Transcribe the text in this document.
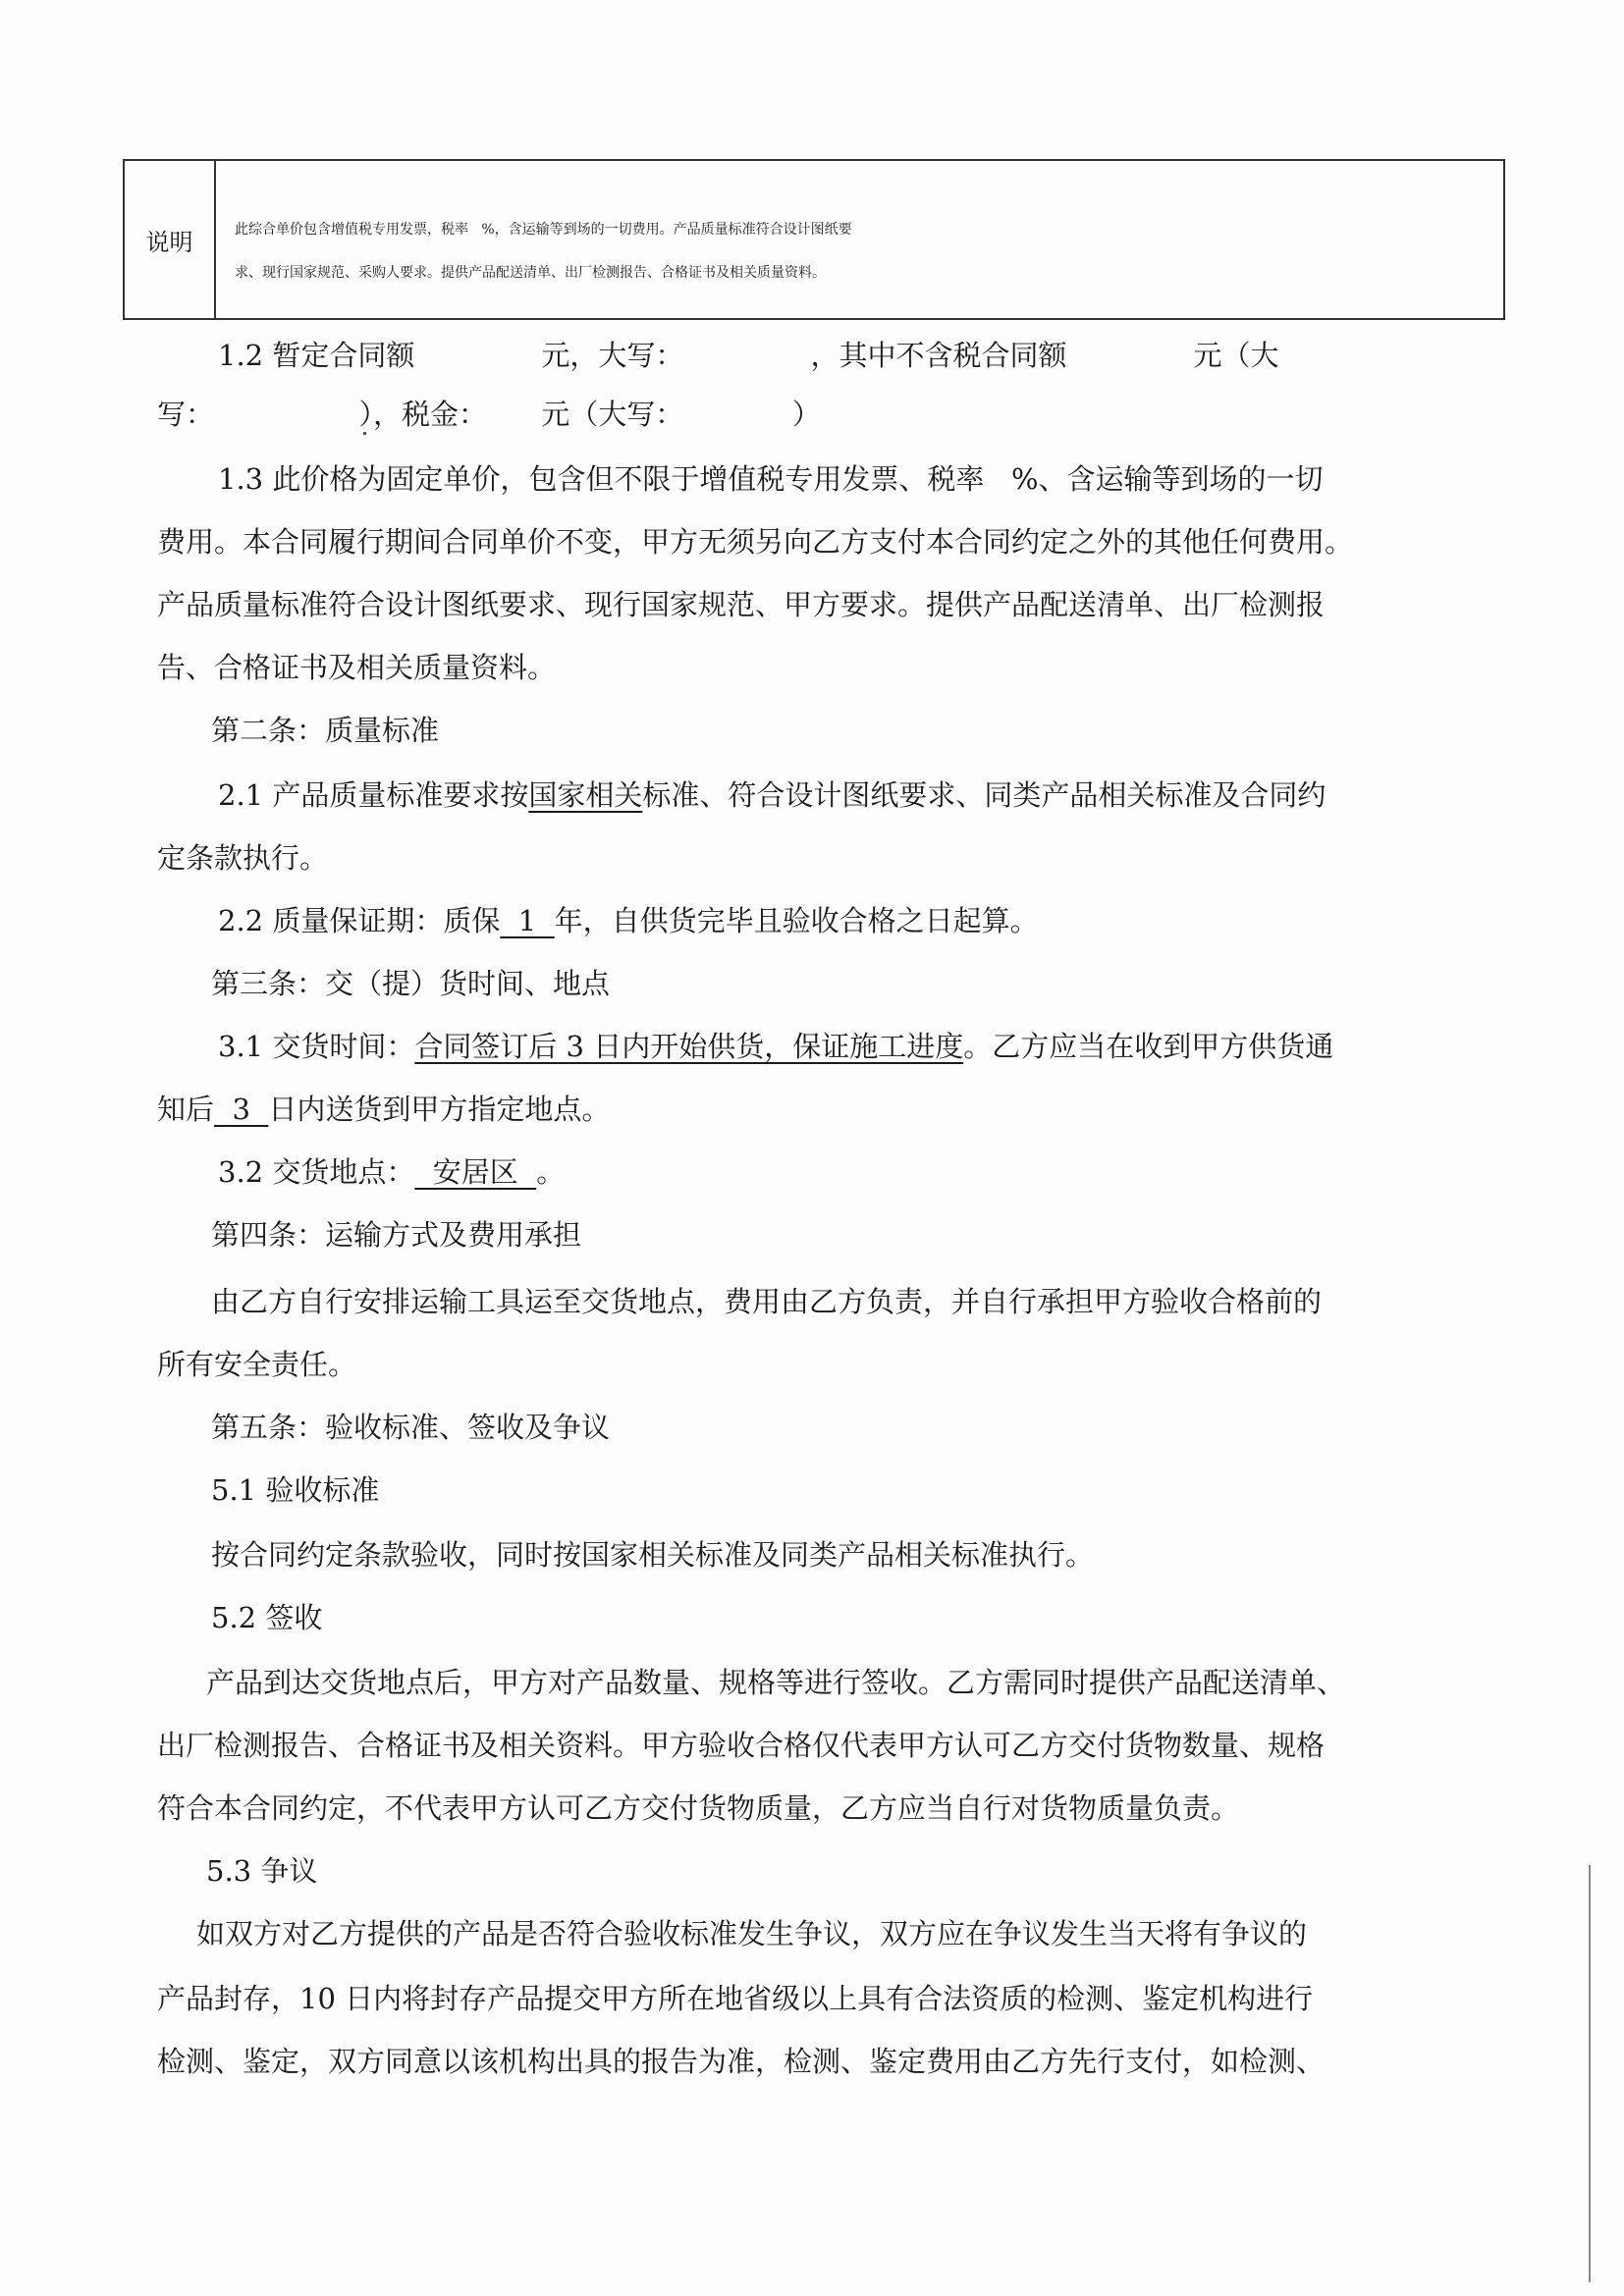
说明	此综合单价包含增值税专用发票，税率   %，含运输等到场的一切费用。产品质量标准符合设计图纸要
求、现行国家规范、采购人要求。提供产品配送清单、出厂检测报告、合格证书及相关质量资料。
1.2 暂定合同额              元，大写：              ，其中不含税合同额              元（大
写：                ），税金：      元（大写：            ）
1.3 此价格为固定单价，包含但不限于增值税专用发票、税率   %、含运输等到场的一切
费用。本合同履行期间合同单价不变，甲方无须另向乙方支付本合同约定之外的其他任何费用。
产品质量标准符合设计图纸要求、现行国家规范、甲方要求。提供产品配送清单、出厂检测报
告、合格证书及相关质量资料。
第二条：质量标准
2.1 产品质量标准要求按国家相关标准、符合设计图纸要求、同类产品相关标准及合同约
定条款执行。
2.2 质量保证期：质保  1  年，自供货完毕且验收合格之日起算。
第三条：交（提）货时间、地点
3.1 交货时间：合同签订后 3 日内开始供货，保证施工进度。乙方应当在收到甲方供货通
知后  3  日内送货到甲方指定地点。
3.2 交货地点：  安居区  。
第四条：运输方式及费用承担
由乙方自行安排运输工具运至交货地点，费用由乙方负责，并自行承担甲方验收合格前的
所有安全责任。
第五条：验收标准、签收及争议
5.1 验收标准
按合同约定条款验收，同时按国家相关标准及同类产品相关标准执行。
5.2 签收
产品到达交货地点后，甲方对产品数量、规格等进行签收。乙方需同时提供产品配送清单、
出厂检测报告、合格证书及相关资料。甲方验收合格仅代表甲方认可乙方交付货物数量、规格
符合本合同约定，不代表甲方认可乙方交付货物质量，乙方应当自行对货物质量负责。
5.3 争议
如双方对乙方提供的产品是否符合验收标准发生争议，双方应在争议发生当天将有争议的
产品封存，10 日内将封存产品提交甲方所在地省级以上具有合法资质的检测、鉴定机构进行
检测、鉴定，双方同意以该机构出具的报告为准，检测、鉴定费用由乙方先行支付，如检测、
